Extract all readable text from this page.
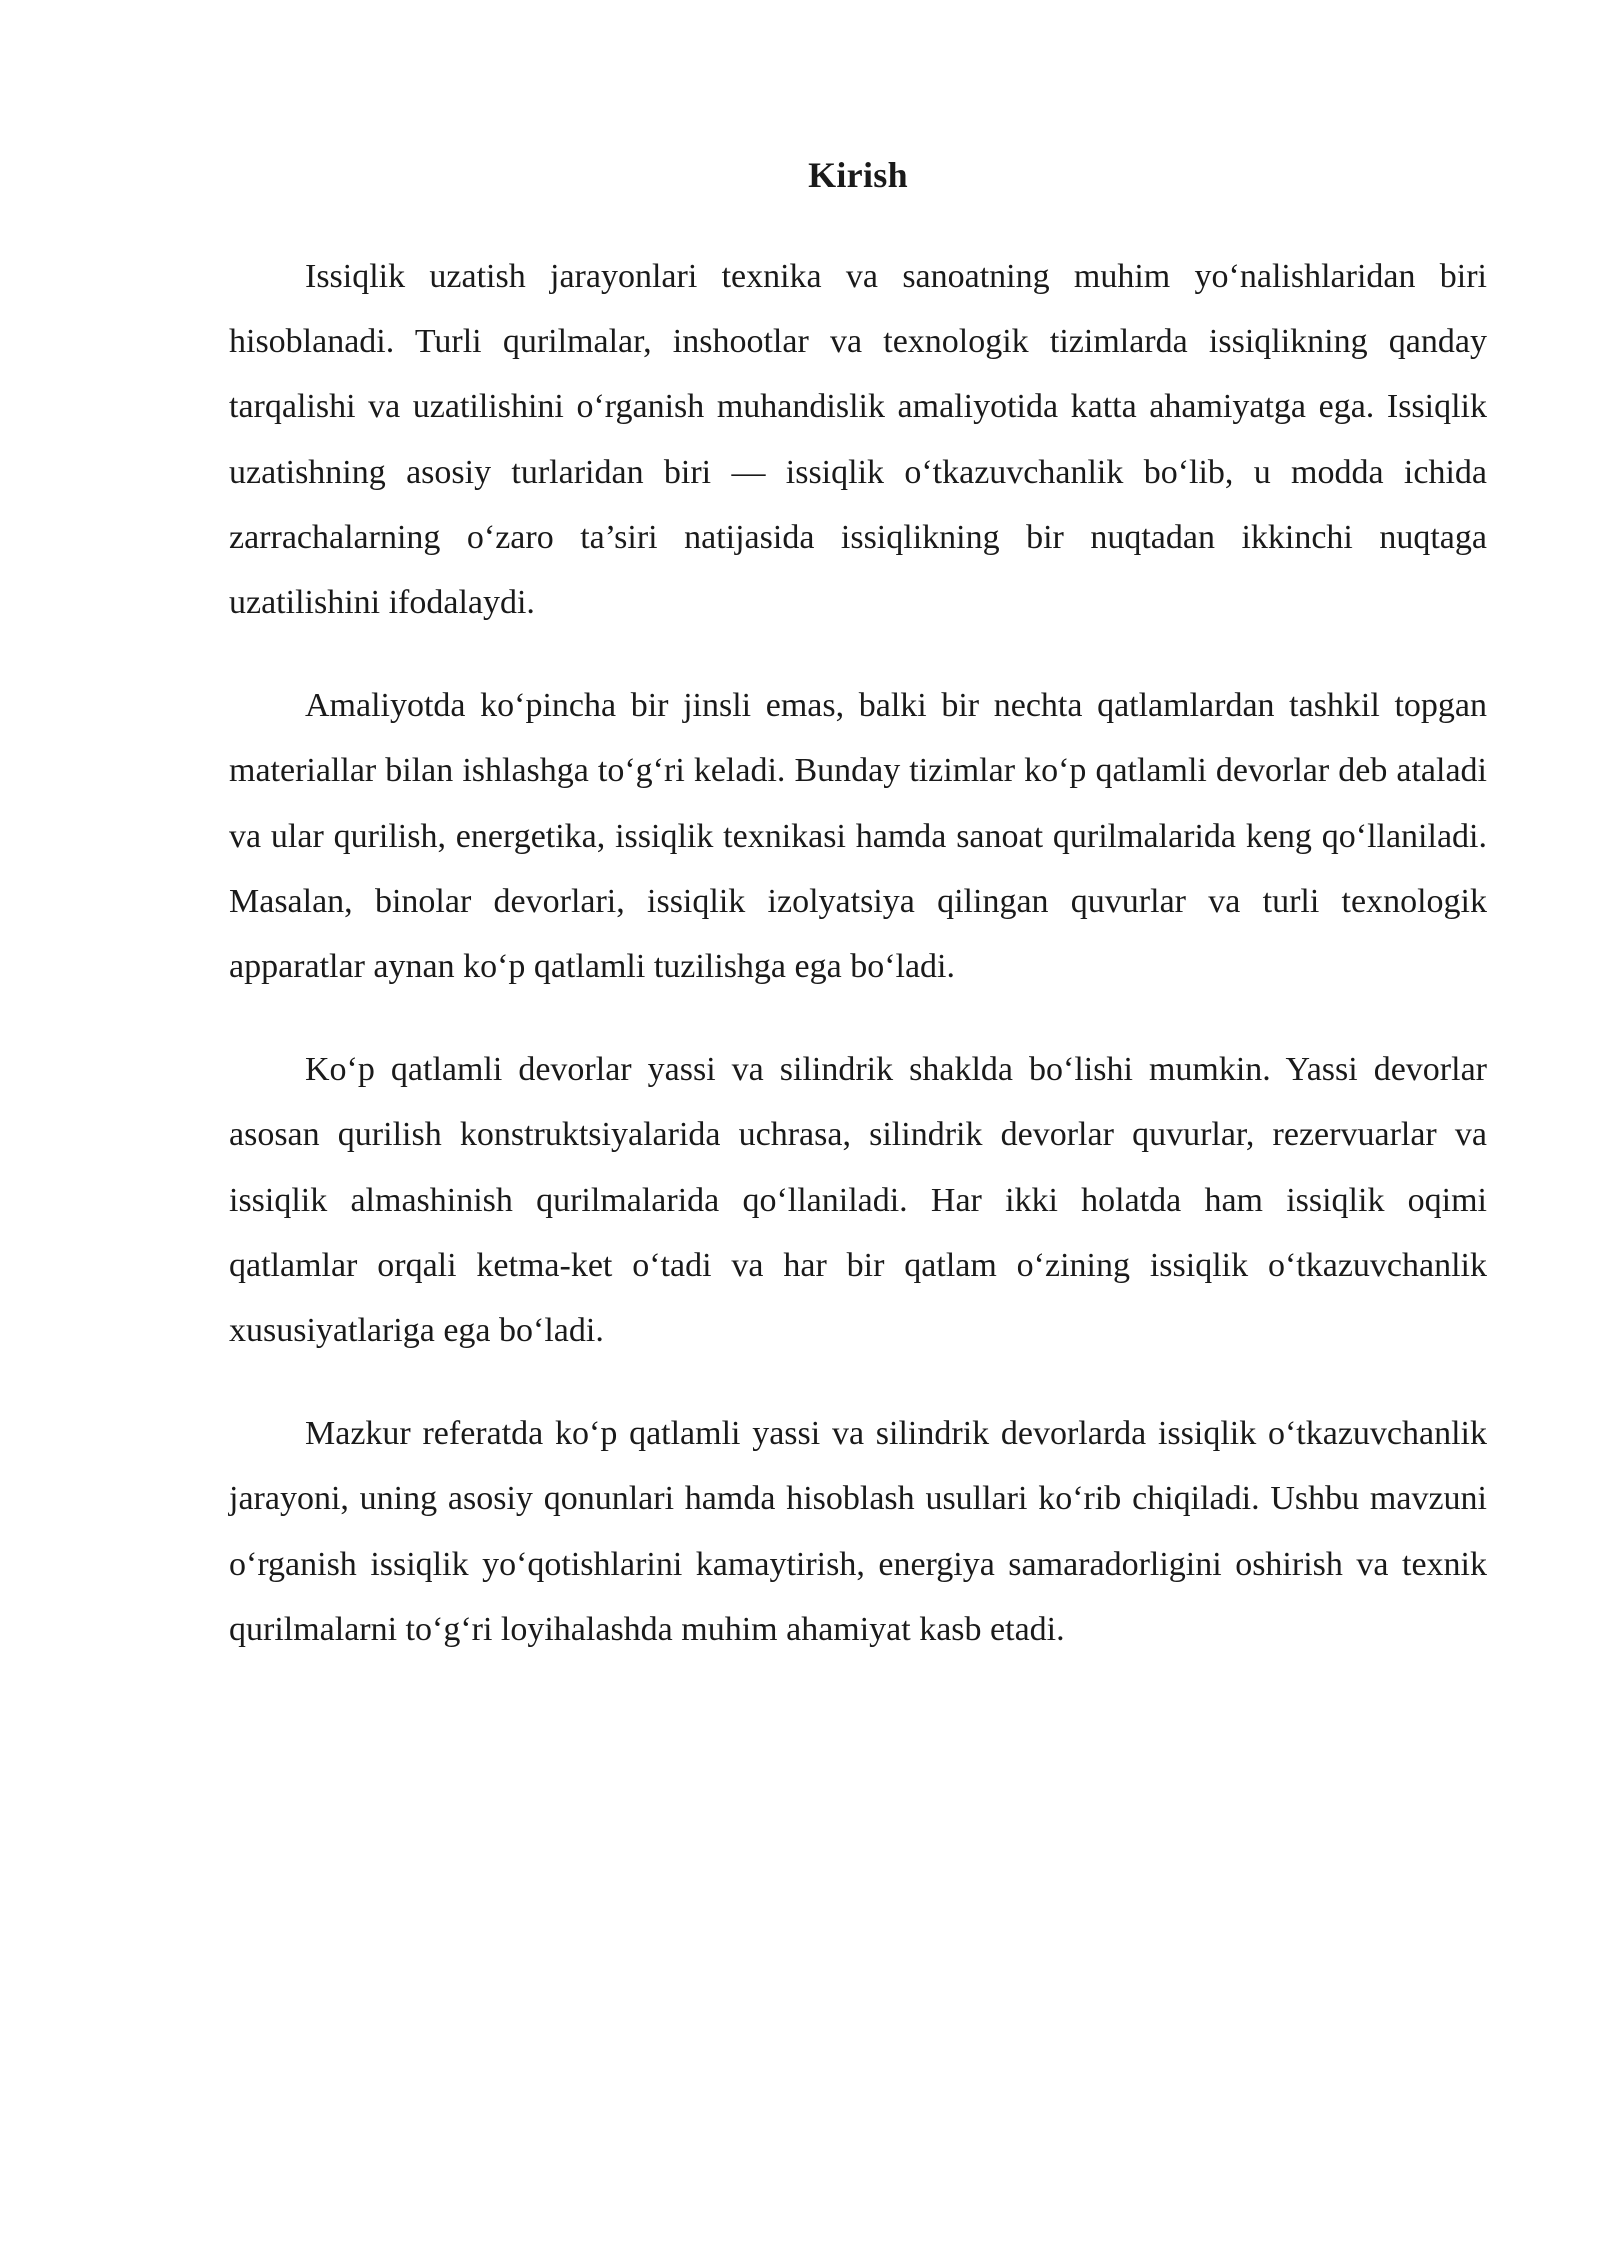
Kirish

Issiqlik uzatish jarayonlari texnika va sanoatning muhim yo‘nalishlaridan biri hisoblanadi. Turli qurilmalar, inshootlar va texnologik tizimlarda issiqlikning qanday tarqalishi va uzatilishini o‘rganish muhandislik amaliyotida katta ahamiyatga ega. Issiqlik uzatishning asosiy turlaridan biri — issiqlik o‘tkazuvchanlik bo‘lib, u modda ichida zarrachalarning o‘zaro ta’siri natijasida issiqlikning bir nuqtadan ikkinchi nuqtaga uzatilishini ifodalaydi.

Amaliyotda ko‘pincha bir jinsli emas, balki bir nechta qatlamlardan tashkil topgan materiallar bilan ishlashga to‘g‘ri keladi. Bunday tizimlar ko‘p qatlamli devorlar deb ataladi va ular qurilish, energetika, issiqlik texnikasi hamda sanoat qurilmalarida keng qo‘llaniladi. Masalan, binolar devorlari, issiqlik izolyatsiya qilingan quvurlar va turli texnologik apparatlar aynan ko‘p qatlamli tuzilishga ega bo‘ladi.

Ko‘p qatlamli devorlar yassi va silindrik shaklda bo‘lishi mumkin. Yassi devorlar asosan qurilish konstruktsiyalarida uchrasa, silindrik devorlar quvurlar, rezervuarlar va issiqlik almashinish qurilmalarida qo‘llaniladi. Har ikki holatda ham issiqlik oqimi qatlamlar orqali ketma-ket o‘tadi va har bir qatlam o‘zining issiqlik o‘tkazuvchanlik xususiyatlariga ega bo‘ladi.

Mazkur referatda ko‘p qatlamli yassi va silindrik devorlarda issiqlik o‘tkazuvchanlik jarayoni, uning asosiy qonunlari hamda hisoblash usullari ko‘rib chiqiladi. Ushbu mavzuni o‘rganish issiqlik yo‘qotishlarini kamaytirish, energiya samaradorligini oshirish va texnik qurilmalarni to‘g‘ri loyihalashda muhim ahamiyat kasb etadi.
